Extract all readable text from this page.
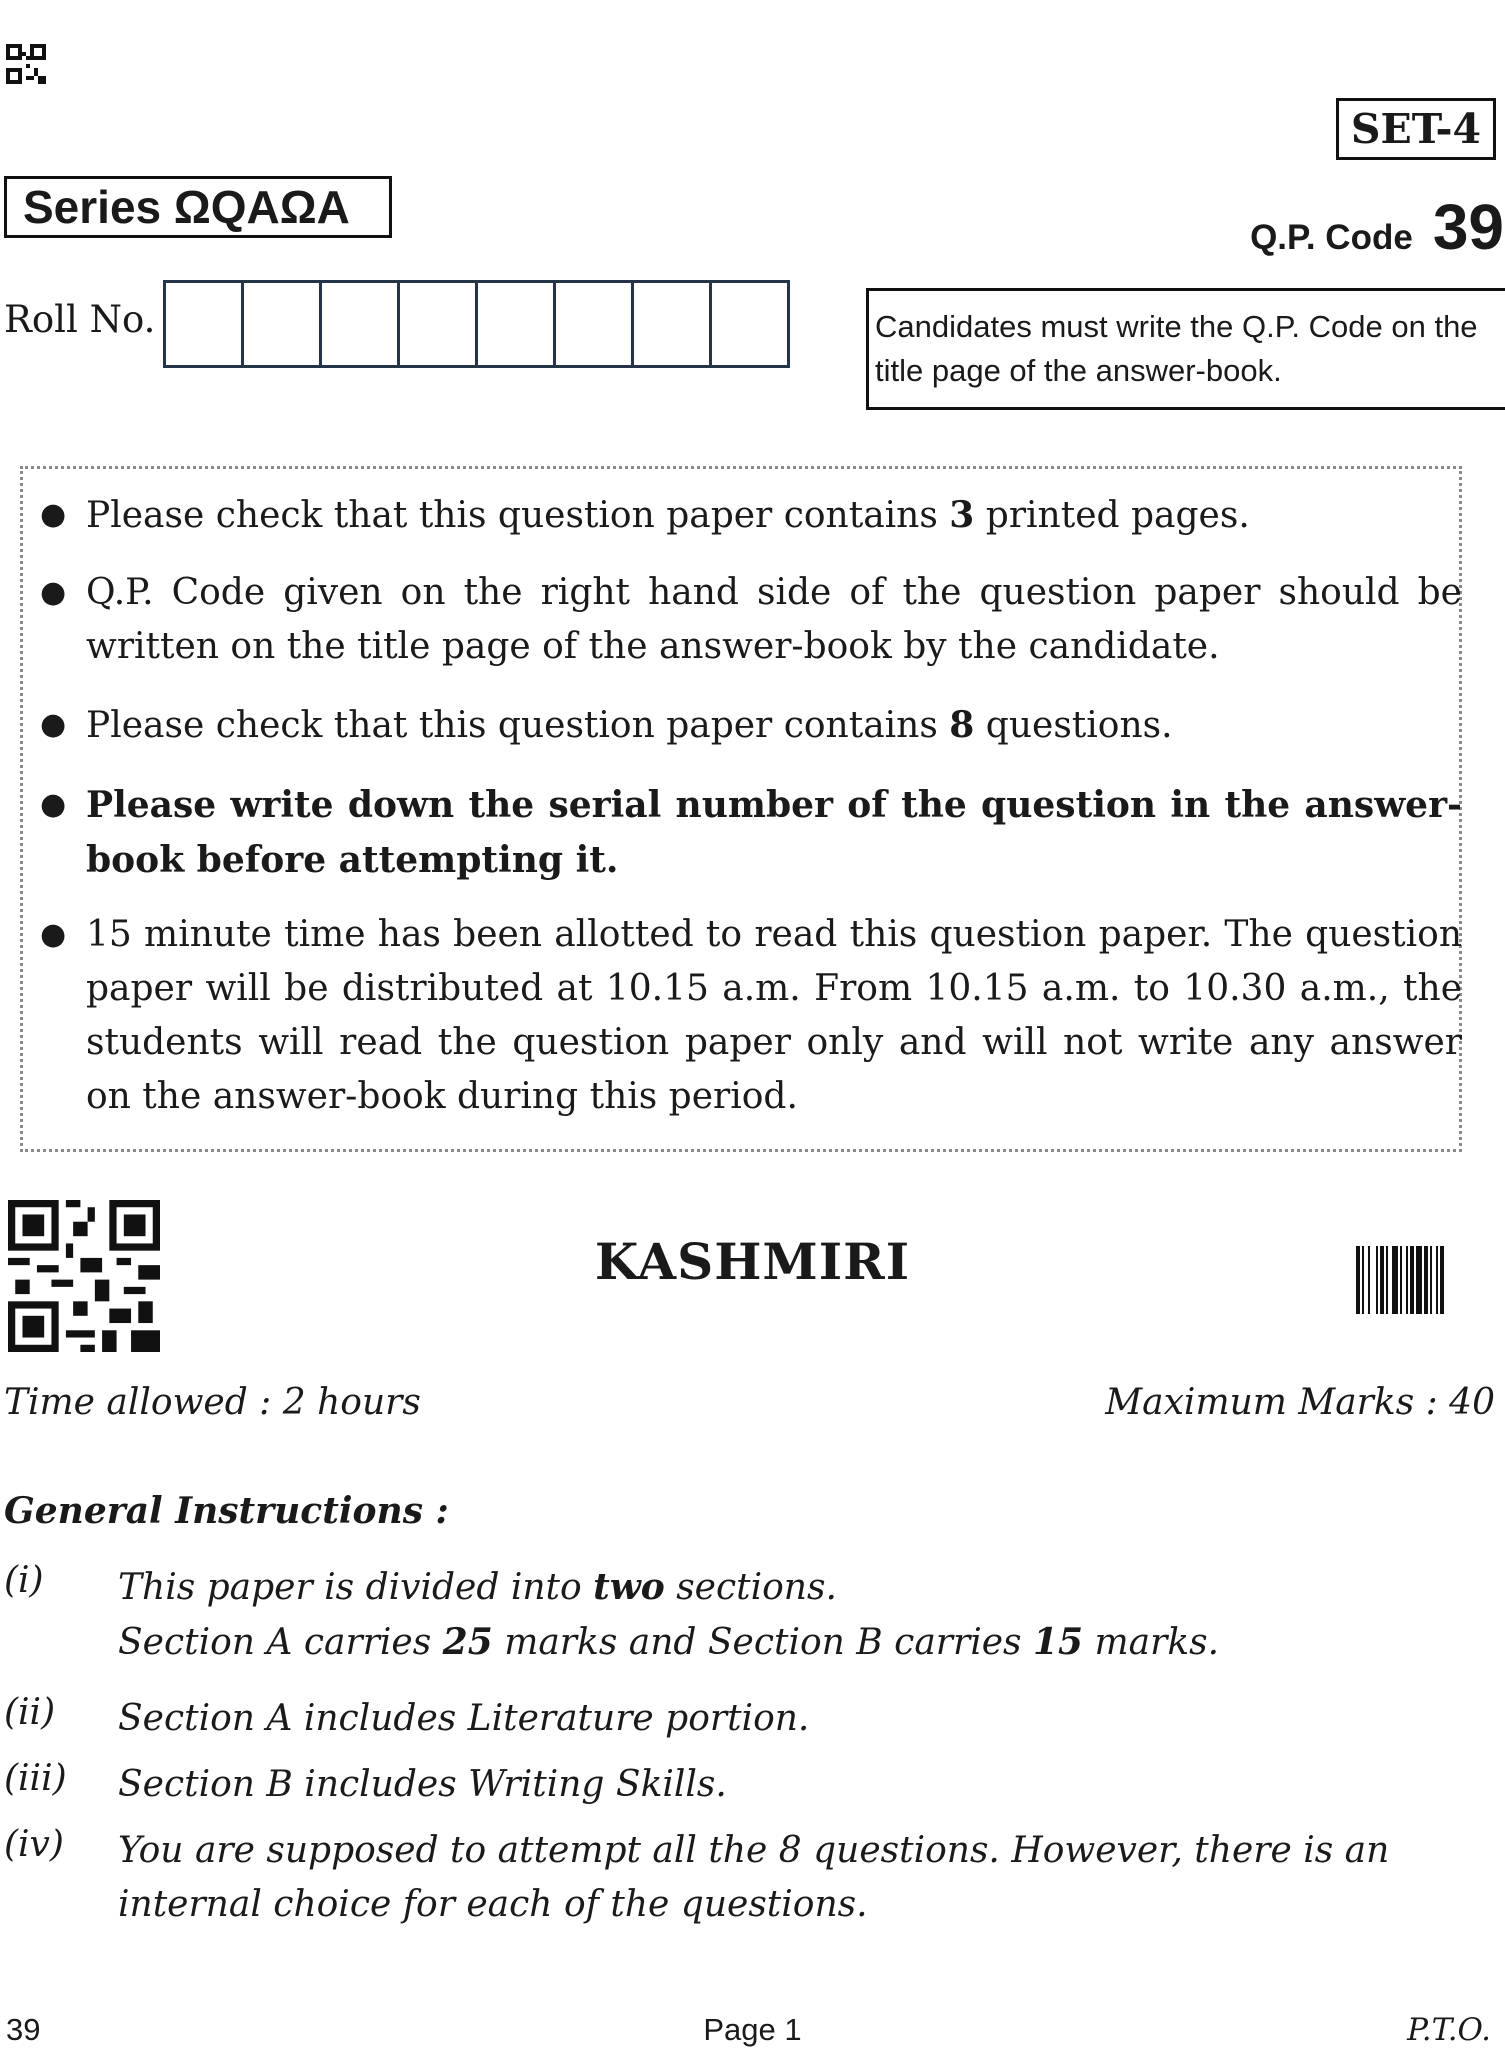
SET-4
Series ΩQAΩA
Q.P. Code 39
Roll No.	Candidates must write the Q.P. Code on the title page of the answer-book.
● Please check that this question paper contains 3 printed pages.
● Q.P. Code given on the right hand side of the question paper should be written on the title page of the answer-book by the candidate.
● Please check that this question paper contains 8 questions.
● Please write down the serial number of the question in the answer-book before attempting it.
● 15 minute time has been allotted to read this question paper. The question paper will be distributed at 10.15 a.m. From 10.15 a.m. to 10.30 a.m., the students will read the question paper only and will not write any answer on the answer-book during this period.
KASHMIRI
Time allowed : 2 hours	Maximum Marks : 40
General Instructions :
(i) This paper is divided into two sections.
Section A carries 25 marks and Section B carries 15 marks.
(ii) Section A includes Literature portion.
(iii) Section B includes Writing Skills.
(iv) You are supposed to attempt all the 8 questions. However, there is an internal choice for each of the questions.
39	Page 1	P.T.O.
